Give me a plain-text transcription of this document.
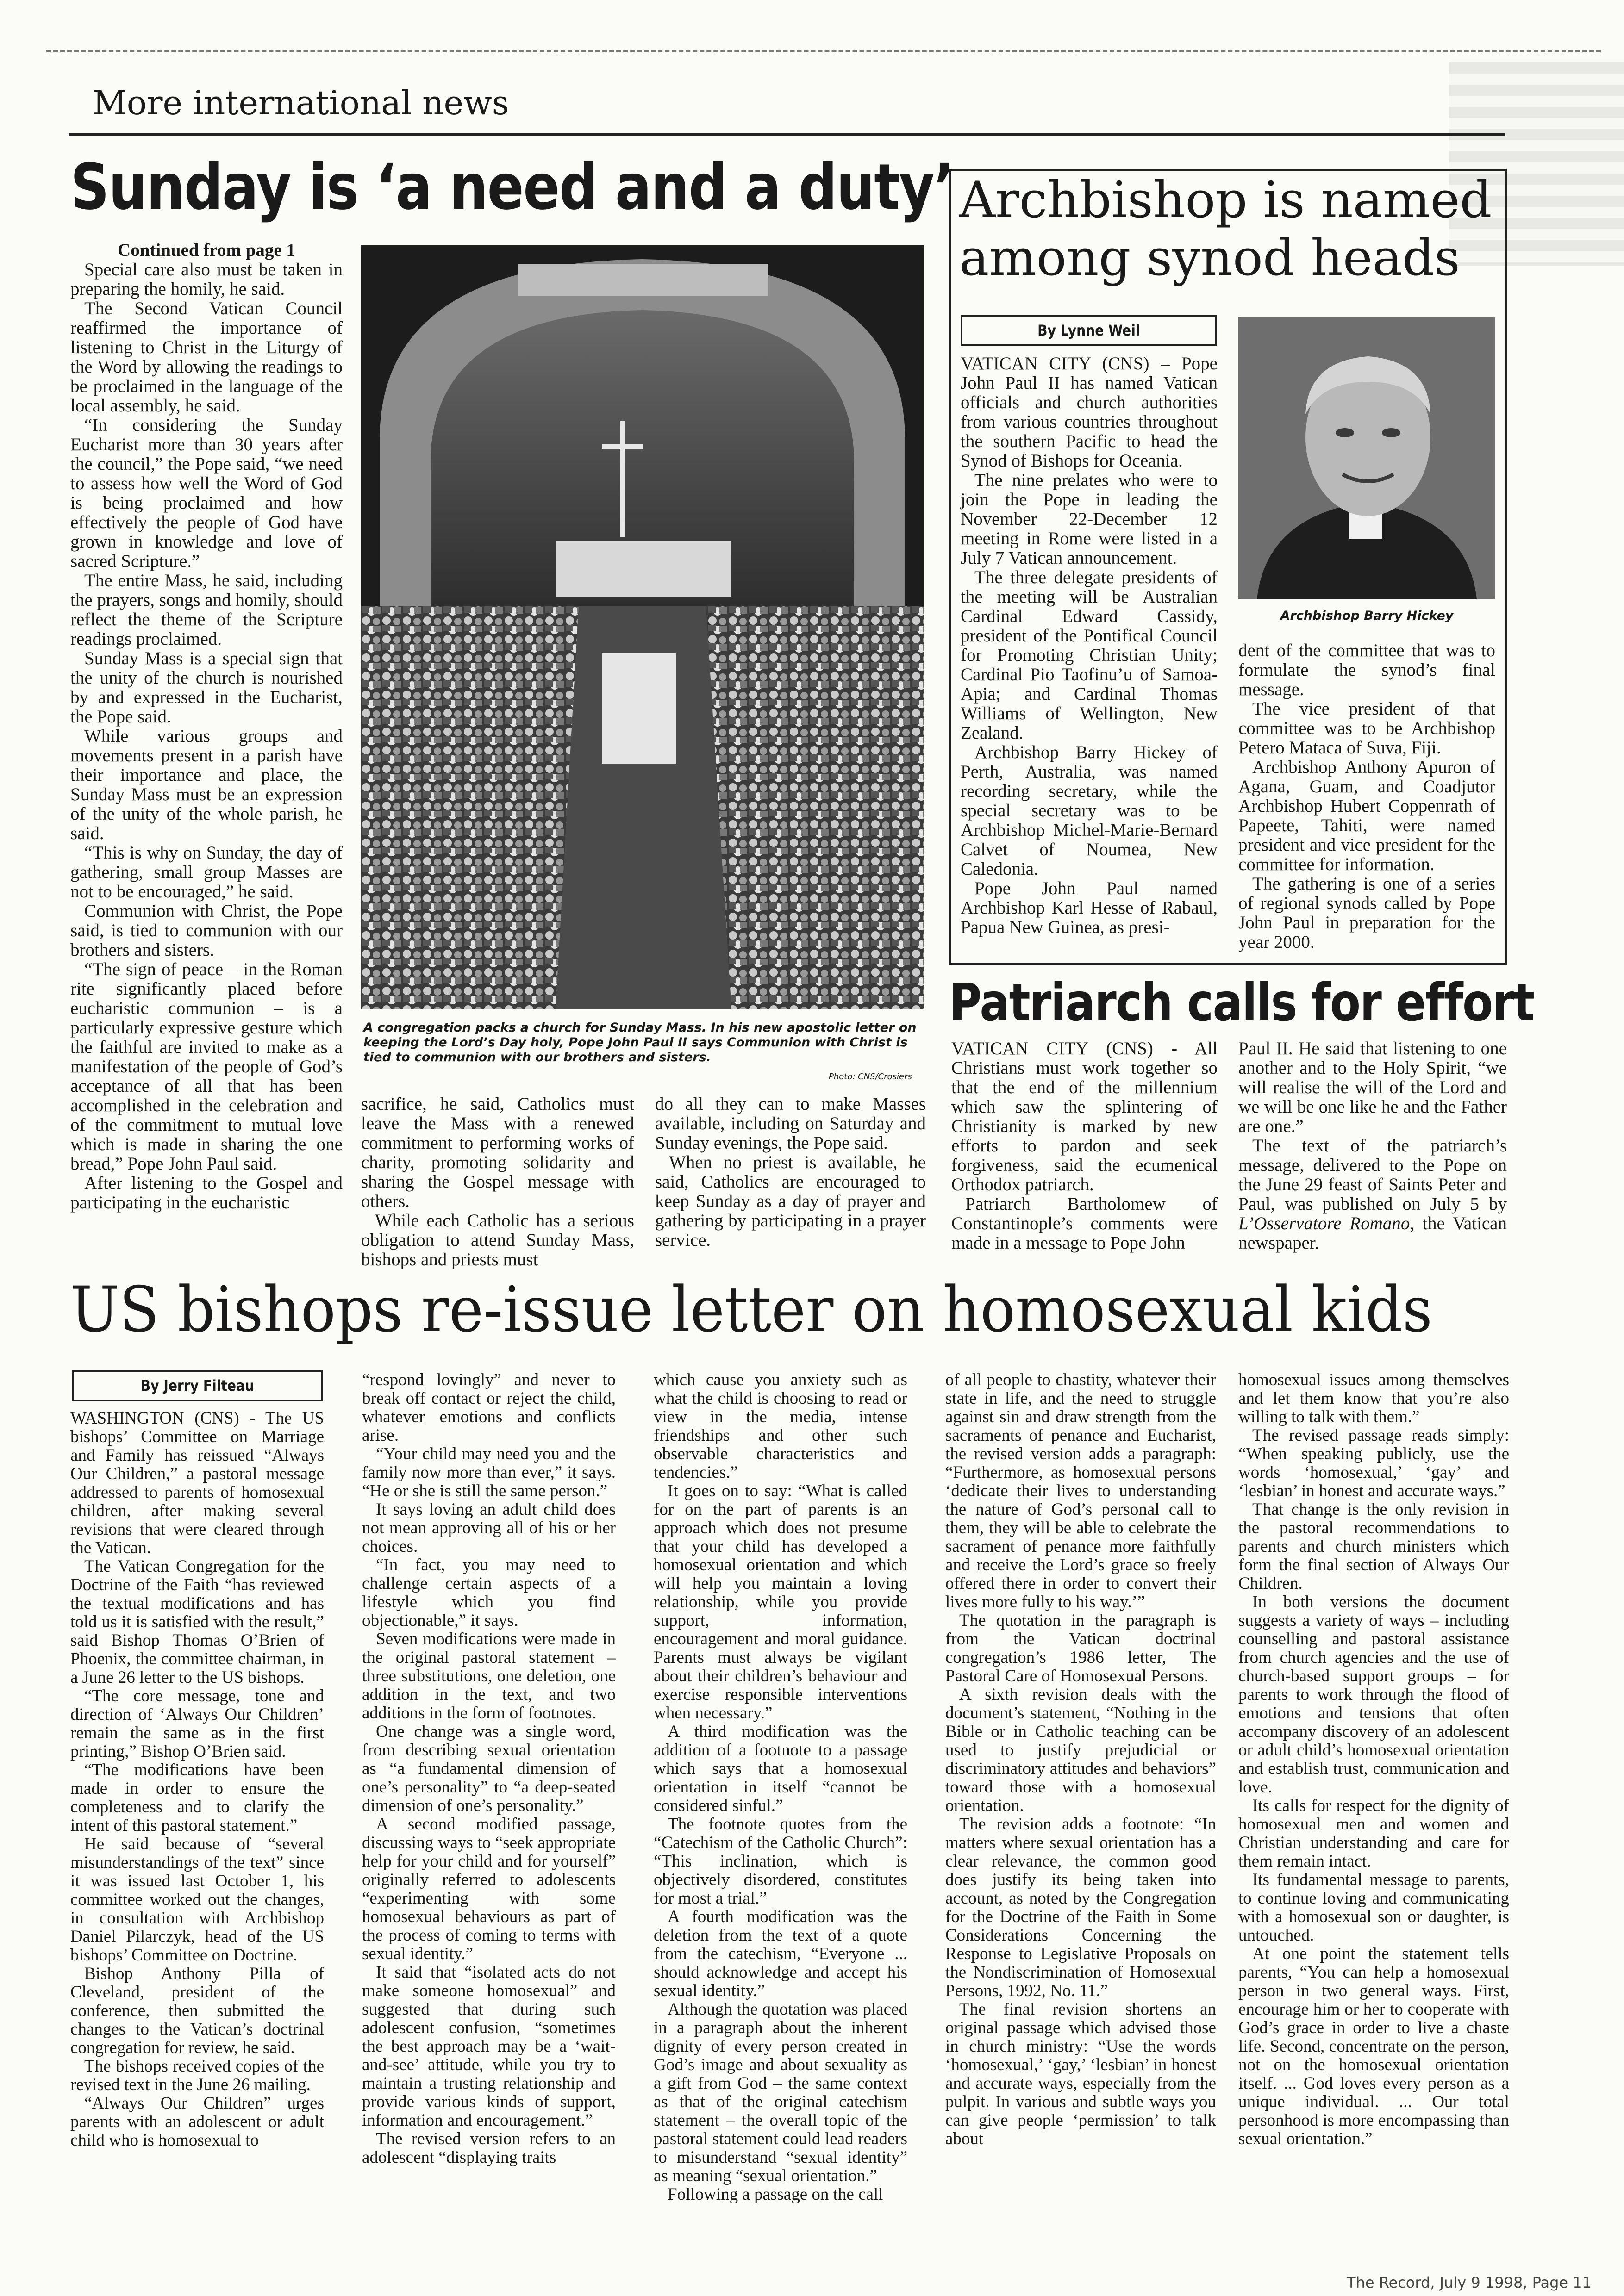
More international news
Sunday is ‘a need and a duty’

Continued from page 1

Special care also must be taken in preparing the homily, he said.

The Second Vatican Council reaffirmed the importance of listening to Christ in the Liturgy of the Word by allowing the readings to be proclaimed in the language of the local assembly, he said.

“In considering the Sunday Eucharist more than 30 years after the council,” the Pope said, “we need to assess how well the Word of God is being proclaimed and how effectively the people of God have grown in knowledge and love of sacred Scripture.”

The entire Mass, he said, including the prayers, songs and homily, should reflect the theme of the Scripture readings proclaimed.

Sunday Mass is a special sign that the unity of the church is nourished by and expressed in the Eucharist, the Pope said.

While various groups and movements present in a parish have their importance and place, the Sunday Mass must be an expression of the unity of the whole parish, he said.

“This is why on Sunday, the day of gathering, small group Masses are not to be encouraged,” he said.

Communion with Christ, the Pope said, is tied to communion with our brothers and sisters.

“The sign of peace – in the Roman rite significantly placed before eucharistic communion – is a particularly expressive gesture which the faithful are invited to make as a manifestation of the people of God’s acceptance of all that has been accomplished in the celebration and of the commitment to mutual love which is made in sharing the one bread,” Pope John Paul said.

After listening to the Gospel and participating in the eucharistic

A congregation packs a church for Sunday Mass. In his new apostolic letter on keeping the Lord’s Day holy, Pope John Paul II says Communion with Christ is tied to communion with our brothers and sisters.
Photo: CNS/Crosiers

sacrifice, he said, Catholics must leave the Mass with a renewed commitment to performing works of charity, promoting solidarity and sharing the Gospel message with others.

While each Catholic has a serious obligation to attend Sunday Mass, bishops and priests must

do all they can to make Masses available, including on Saturday and Sunday evenings, the Pope said.

When no priest is available, he said, Catholics are encouraged to keep Sunday as a day of prayer and gathering by participating in a prayer service.

Archbishop is named
among synod heads
By Lynne Weil

VATICAN CITY (CNS) – Pope John Paul II has named Vatican officials and church authorities from various countries throughout the southern Pacific to head the Synod of Bishops for Oceania.

The nine prelates who were to join the Pope in leading the November 22-December 12 meeting in Rome were listed in a July 7 Vatican announcement.

The three delegate presidents of the meeting will be Australian Cardinal Edward Cassidy, president of the Pontifical Council for Promoting Christian Unity; Cardinal Pio Taofinu’u of Samoa-Apia; and Cardinal Thomas Williams of Wellington, New Zealand.

Archbishop Barry Hickey of Perth, Australia, was named recording secretary, while the special secretary was to be Archbishop Michel-Marie-Bernard Calvet of Noumea, New Caledonia.

Pope John Paul named Archbishop Karl Hesse of Rabaul, Papua New Guinea, as presi-

Archbishop Barry Hickey

dent of the committee that was to formulate the synod’s final message.

The vice president of that committee was to be Archbishop Petero Mataca of Suva, Fiji.

Archbishop Anthony Apuron of Agana, Guam, and Coadjutor Archbishop Hubert Coppenrath of Papeete, Tahiti, were named president and vice president for the committee for information.

The gathering is one of a series of regional synods called by Pope John Paul in preparation for the year 2000.

Patriarch calls for effort

VATICAN CITY (CNS) - All Christians must work together so that the end of the millennium which saw the splintering of Christianity is marked by new efforts to pardon and seek forgiveness, said the ecumenical Orthodox patriarch.

Patriarch Bartholomew of Constantinople’s comments were made in a message to Pope John

Paul II. He said that listening to one another and to the Holy Spirit, “we will realise the will of the Lord and we will be one like he and the Father are one.”

The text of the patriarch’s message, delivered to the Pope on the June 29 feast of Saints Peter and Paul, was published on July 5 by L’Osservatore Romano, the Vatican newspaper.

US bishops re-issue letter on homosexual kids
By Jerry Filteau

WASHINGTON (CNS) - The US bishops’ Committee on Marriage and Family has reissued “Always Our Children,” a pastoral message addressed to parents of homosexual children, after making several revisions that were cleared through the Vatican.

The Vatican Congregation for the Doctrine of the Faith “has reviewed the textual modifications and has told us it is satisfied with the result,” said Bishop Thomas O’Brien of Phoenix, the committee chairman, in a June 26 letter to the US bishops.

“The core message, tone and direction of ‘Always Our Children’ remain the same as in the first printing,” Bishop O’Brien said.

“The modifications have been made in order to ensure the completeness and to clarify the intent of this pastoral statement.”

He said because of “several misunderstandings of the text” since it was issued last October 1, his committee worked out the changes, in consultation with Archbishop Daniel Pilarczyk, head of the US bishops’ Committee on Doctrine.

Bishop Anthony Pilla of Cleveland, president of the conference, then submitted the changes to the Vatican’s doctrinal congregation for review, he said.

The bishops received copies of the revised text in the June 26 mailing.

“Always Our Children” urges parents with an adolescent or adult child who is homosexual to

“respond lovingly” and never to break off contact or reject the child, whatever emotions and conflicts arise.

“Your child may need you and the family now more than ever,” it says. “He or she is still the same person.”

It says loving an adult child does not mean approving all of his or her choices.

“In fact, you may need to challenge certain aspects of a lifestyle which you find objectionable,” it says.

Seven modifications were made in the original pastoral statement – three substitutions, one deletion, one addition in the text, and two additions in the form of footnotes.

One change was a single word, from describing sexual orientation as “a fundamental dimension of one’s personality” to “a deep-seated dimension of one’s personality.”

A second modified passage, discussing ways to “seek appropriate help for your child and for yourself” originally referred to adolescents “experimenting with some homosexual behaviours as part of the process of coming to terms with sexual identity.”

It said that “isolated acts do not make someone homosexual” and suggested that during such adolescent confusion, “sometimes the best approach may be a ‘wait-and-see’ attitude, while you try to maintain a trusting relationship and provide various kinds of support, information and encouragement.”

The revised version refers to an adolescent “displaying traits

which cause you anxiety such as what the child is choosing to read or view in the media, intense friendships and other such observable characteristics and tendencies.”

It goes on to say: “What is called for on the part of parents is an approach which does not presume that your child has developed a homosexual orientation and which will help you maintain a loving relationship, while you provide support, information, encouragement and moral guidance. Parents must always be vigilant about their children’s behaviour and exercise responsible interventions when necessary.”

A third modification was the addition of a footnote to a passage which says that a homosexual orientation in itself “cannot be considered sinful.”

The footnote quotes from the “Catechism of the Catholic Church”: “This inclination, which is objectively disordered, constitutes for most a trial.”

A fourth modification was the deletion from the text of a quote from the catechism, “Everyone ... should acknowledge and accept his sexual identity.”

Although the quotation was placed in a paragraph about the inherent dignity of every person created in God’s image and about sexuality as a gift from God – the same context as that of the original catechism statement – the overall topic of the pastoral statement could lead readers to misunderstand “sexual identity” as meaning “sexual orientation.”

Following a passage on the call

of all people to chastity, whatever their state in life, and the need to struggle against sin and draw strength from the sacraments of penance and Eucharist, the revised version adds a paragraph: “Furthermore, as homosexual persons ‘dedicate their lives to understanding the nature of God’s personal call to them, they will be able to celebrate the sacrament of penance more faithfully and receive the Lord’s grace so freely offered there in order to convert their lives more fully to his way.’”

The quotation in the paragraph is from the Vatican doctrinal congregation’s 1986 letter, The Pastoral Care of Homosexual Persons.

A sixth revision deals with the document’s statement, “Nothing in the Bible or in Catholic teaching can be used to justify prejudicial or discriminatory attitudes and behaviors” toward those with a homosexual orientation.

The revision adds a footnote: “In matters where sexual orientation has a clear relevance, the common good does justify its being taken into account, as noted by the Congregation for the Doctrine of the Faith in Some Considerations Concerning the Response to Legislative Proposals on the Nondiscrimination of Homosexual Persons, 1992, No. 11.”

The final revision shortens an original passage which advised those in church ministry: “Use the words ‘homosexual,’ ‘gay,’ ‘lesbian’ in honest and accurate ways, especially from the pulpit. In various and subtle ways you can give people ‘permission’ to talk about

homosexual issues among themselves and let them know that you’re also willing to talk with them.”

The revised passage reads simply: “When speaking publicly, use the words ‘homosexual,’ ‘gay’ and ‘lesbian’ in honest and accurate ways.”

That change is the only revision in the pastoral recommendations to parents and church ministers which form the final section of Always Our Children.

In both versions the document suggests a variety of ways – including counselling and pastoral assistance from church agencies and the use of church-based support groups – for parents to work through the flood of emotions and tensions that often accompany discovery of an adolescent or adult child’s homosexual orientation and establish trust, communication and love.

Its calls for respect for the dignity of homosexual men and women and Christian understanding and care for them remain intact.

Its fundamental message to parents, to continue loving and communicating with a homosexual son or daughter, is untouched.

At one point the statement tells parents, “You can help a homosexual person in two general ways. First, encourage him or her to cooperate with God’s grace in order to live a chaste life. Second, concentrate on the person, not on the homosexual orientation itself. ... God loves every person as a unique individual. ... Our total personhood is more encompassing than sexual orientation.”

The Record, July 9 1998, Page 11
